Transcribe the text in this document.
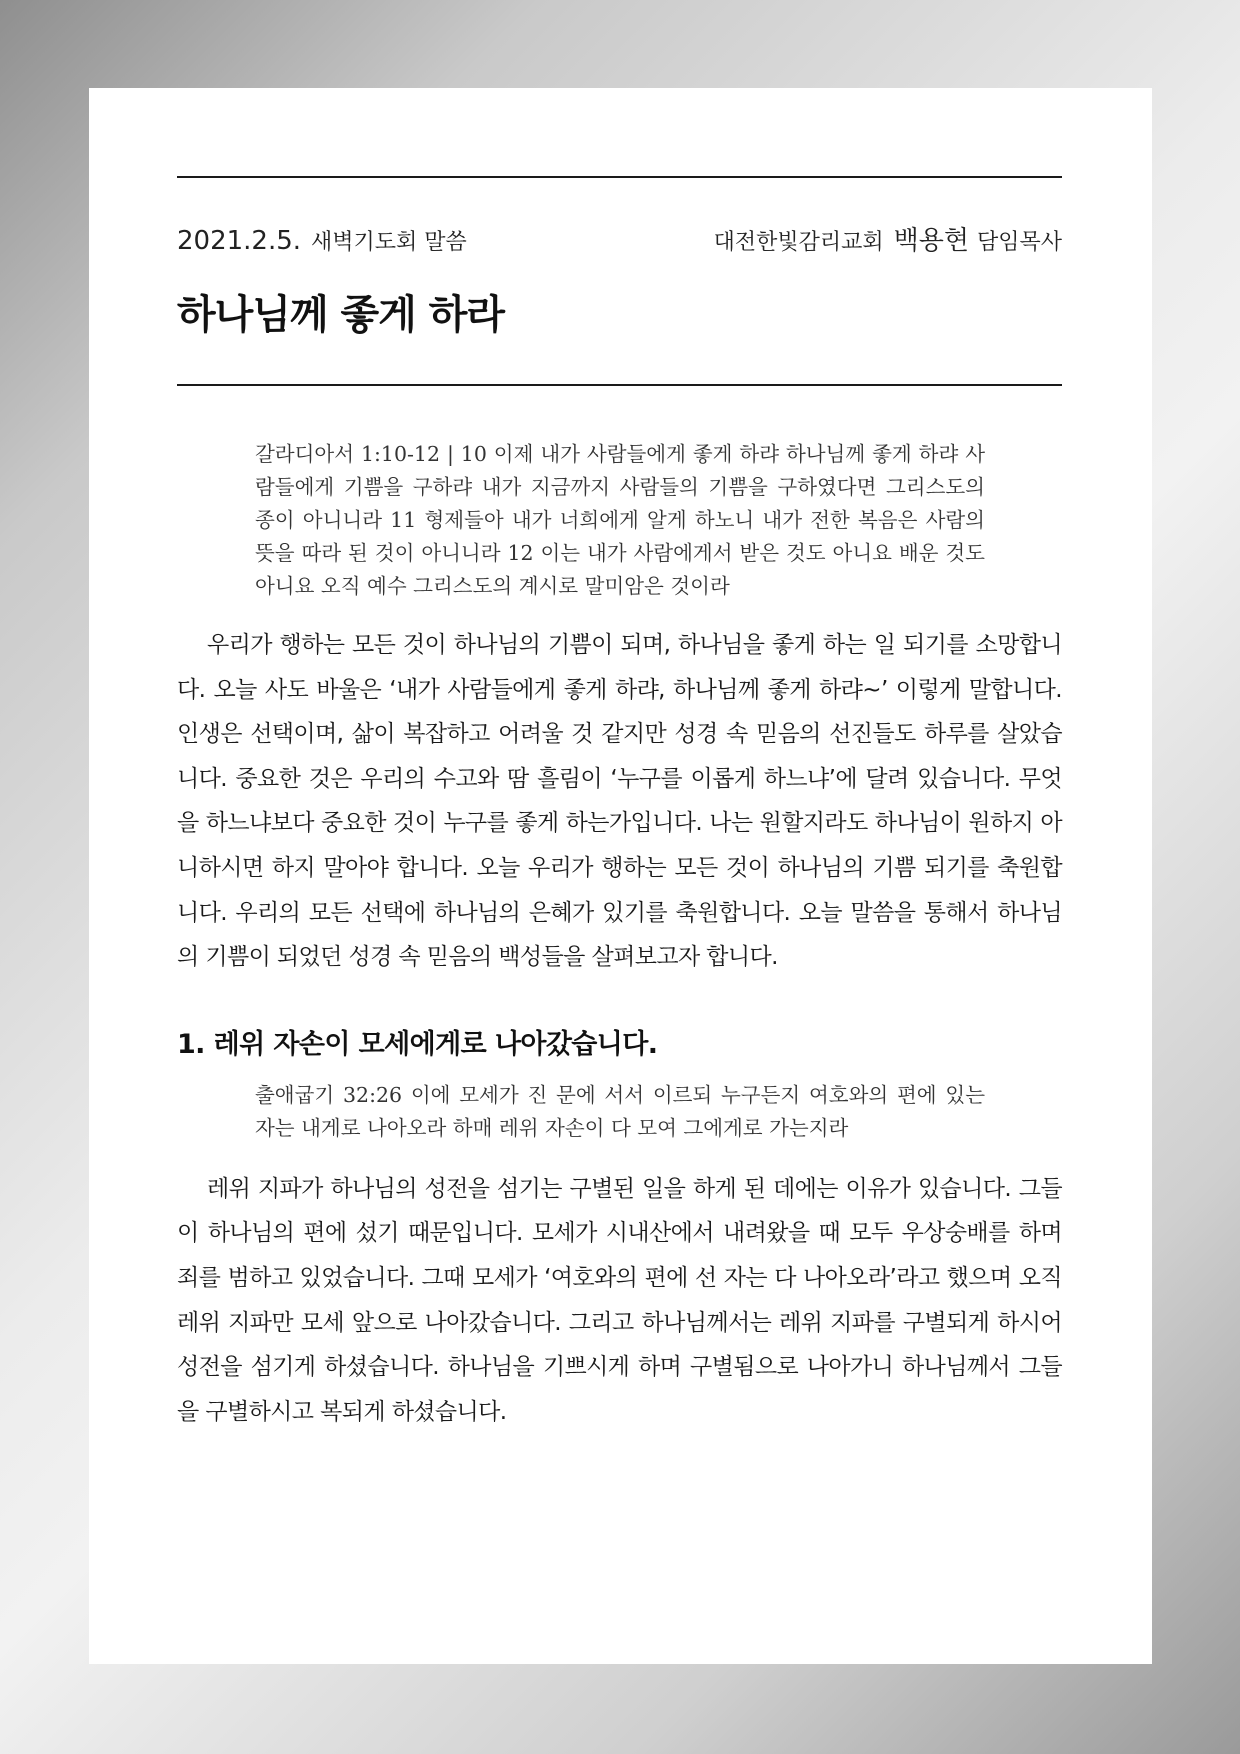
2021.2.5. 새벽기도회 말씀	대전한빛감리교회 백용현 담임목사
하나님께 좋게 하라

갈라디아서 1:10-12 | 10 이제 내가 사람들에게 좋게 하랴 하나님께 좋게 하랴 사람들에게 기쁨을 구하랴 내가 지금까지 사람들의 기쁨을 구하였다면 그리스도의 종이 아니니라 11 형제들아 내가 너희에게 알게 하노니 내가 전한 복음은 사람의 뜻을 따라 된 것이 아니니라 12 이는 내가 사람에게서 받은 것도 아니요 배운 것도 아니요 오직 예수 그리스도의 계시로 말미암은 것이라

우리가 행하는 모든 것이 하나님의 기쁨이 되며, 하나님을 좋게 하는 일 되기를 소망합니다. 오늘 사도 바울은 ‘내가 사람들에게 좋게 하랴, 하나님께 좋게 하랴~’ 이렇게 말합니다. 인생은 선택이며, 삶이 복잡하고 어려울 것 같지만 성경 속 믿음의 선진들도 하루를 살았습니다. 중요한 것은 우리의 수고와 땀 흘림이 ‘누구를 이롭게 하느냐’에 달려 있습니다. 무엇을 하느냐보다 중요한 것이 누구를 좋게 하는가입니다. 나는 원할지라도 하나님이 원하지 아니하시면 하지 말아야 합니다. 오늘 우리가 행하는 모든 것이 하나님의 기쁨 되기를 축원합니다. 우리의 모든 선택에 하나님의 은혜가 있기를 축원합니다. 오늘 말씀을 통해서 하나님의 기쁨이 되었던 성경 속 믿음의 백성들을 살펴보고자 합니다.

1. 레위 자손이 모세에게로 나아갔습니다.

출애굽기 32:26 이에 모세가 진 문에 서서 이르되 누구든지 여호와의 편에 있는 자는 내게로 나아오라 하매 레위 자손이 다 모여 그에게로 가는지라

레위 지파가 하나님의 성전을 섬기는 구별된 일을 하게 된 데에는 이유가 있습니다. 그들이 하나님의 편에 섰기 때문입니다. 모세가 시내산에서 내려왔을 때 모두 우상숭배를 하며 죄를 범하고 있었습니다. 그때 모세가 ‘여호와의 편에 선 자는 다 나아오라’라고 했으며 오직 레위 지파만 모세 앞으로 나아갔습니다. 그리고 하나님께서는 레위 지파를 구별되게 하시어 성전을 섬기게 하셨습니다. 하나님을 기쁘시게 하며 구별됨으로 나아가니 하나님께서 그들을 구별하시고 복되게 하셨습니다.
